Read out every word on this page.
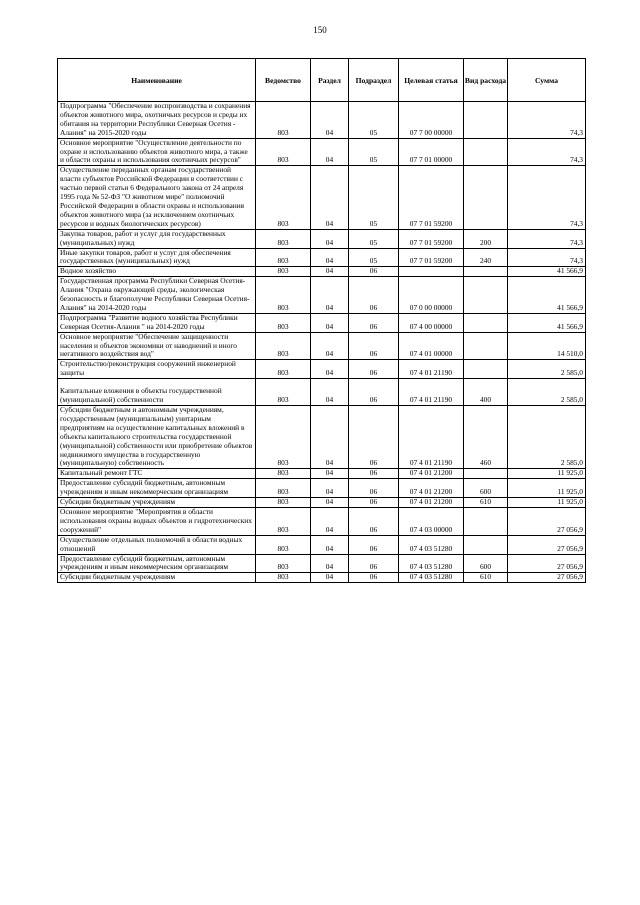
150
Наименование	Ведомство	Раздел	Подраздел	Целевая статья	Вид расхода	Сумма
Подпрограмма "Обеспечение воспроизводства и сохранения объектов животного мира, охотничьих ресурсов и среды их обитания на территории Республики Северная Осетия - Алания" на 2015-2020 годы	803	04	05	07 7 00 00000		74,3
Основное мероприятие "Осуществление деятельности по охране и использованию объектов животного мира, а также и области охраны и использования охотничьих ресурсов"	803	04	05	07 7 01 00000		74,3
Осуществление переданных органам государственной власти субъектов Российской Федерации в соответствии с частью первой статьи 6 Федерального закона от 24 апреля 1995 года № 52-ФЗ "О животном мире" полномочий Российской Федерации в области охраны и использования объектов животного мира (за исключением охотничьих ресурсов и водных биологических ресурсов)	803	04	05	07 7 01 59200		74,3
Закупка товаров, работ и услуг для государственных (муниципальных) нужд	803	04	05	07 7 01 59200	200	74,3
Иные закупки товаров, работ и услуг для обеспечения государственных (муниципальных) нужд	803	04	05	07 7 01 59200	240	74,3
Водное хозяйство	803	04	06			41 566,9
Государственная программа Республики Северная Осетия-Алания "Охрана окружающей среды, экологическая безопасность и благополучие Республики Северная Осетия-Алания" на 2014-2020 годы	803	04	06	07 0 00 00000		41 566,9
Подпрограмма "Развитие водного хозяйства Республики Северная Осетия-Алания " на 2014-2020 годы	803	04	06	07 4 00 00000		41 566,9
Основное мероприятие "Обеспечение защищенности населения и объектов экономики от наводнений и иного негативного воздействия вод"	803	04	06	07 4 01 00000		14 510,0
Строительство/реконструкция сооружений инженерной защиты	803	04	06	07 4 01 21190		2 585,0
Капитальные вложения в объекты государственной (муниципальной) собственности	803	04	06	07 4 01 21190	400	2 585,0
Субсидии бюджетным и автономным учреждениям, государственным (муниципальным) унитарным предприятиям на осуществление капитальных вложений в объекты капитального строительства государственной (муниципальной) собственности или приобретение объектов недвижимого имущества в государственную (муниципальную) собственность	803	04	06	07 4 01 21190	460	2 585,0
Капитальный ремонт ГТС	803	04	06	07 4 01 21200		11 925,0
Предоставление субсидий бюджетным, автономным учреждениям и иным некоммерческим организациям	803	04	06	07 4 01 21200	600	11 925,0
Субсидии бюджетным учреждениям	803	04	06	07 4 01 21200	610	11 925,0
Основное мероприятие "Мероприятия в области использования охраны водных объектов и гидротехнических сооружений"	803	04	06	07 4 03 00000		27 056,9
Осуществление отдельных полномочий в области водных отношений	803	04	06	07 4 03 51280		27 056,9
Предоставление субсидий бюджетным, автономным учреждениям и иным некоммерческим организациям	803	04	06	07 4 03 51280	600	27 056,9
Субсидии бюджетным учреждениям	803	04	06	07 4 03 51280	610	27 056,9
